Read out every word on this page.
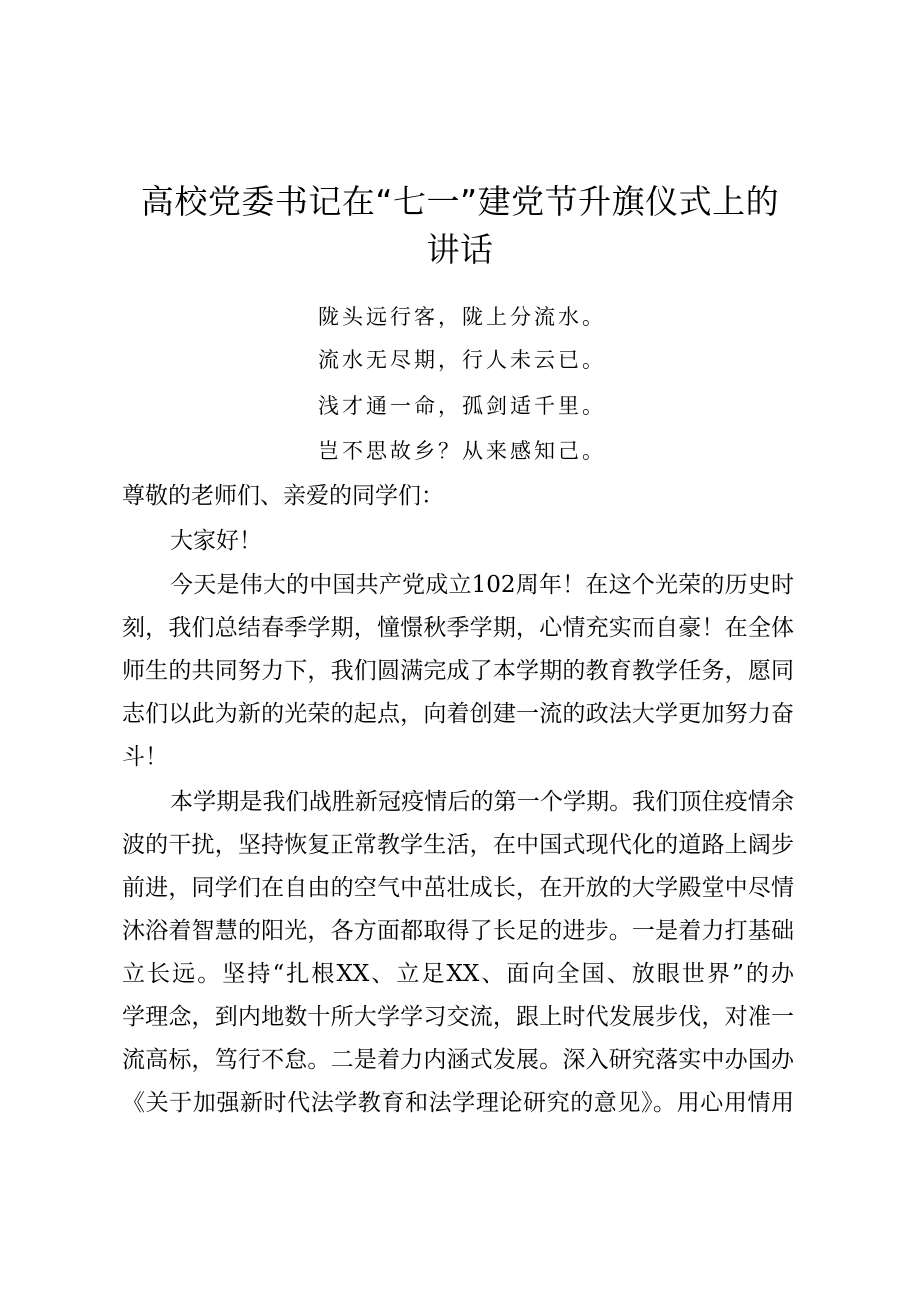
高校党委书记在“七一”建党节升旗仪式上的
讲话
陇头远行客，陇上分流水。
流水无尽期，行人未云已。
浅才通一命，孤剑适千里。
岂不思故乡？从来感知己。
尊敬的老师们、亲爱的同学们：
大家好！
今天是伟大的中国共产党成立102周年！在这个光荣的历史时
刻，我们总结春季学期，憧憬秋季学期，心情充实而自豪！在全体
师生的共同努力下，我们圆满完成了本学期的教育教学任务，愿同
志们以此为新的光荣的起点，向着创建一流的政法大学更加努力奋
斗！
本学期是我们战胜新冠疫情后的第一个学期。我们顶住疫情余
波的干扰，坚持恢复正常教学生活，在中国式现代化的道路上阔步
前进，同学们在自由的空气中茁壮成长，在开放的大学殿堂中尽情
沐浴着智慧的阳光，各方面都取得了长足的进步。一是着力打基础
立长远。坚持“扎根XX、立足XX、面向全国、放眼世界”的办
学理念，到内地数十所大学学习交流，跟上时代发展步伐，对准一
流高标，笃行不怠。二是着力内涵式发展。深入研究落实中办国办
《关于加强新时代法学教育和法学理论研究的意见》。用心用情用
